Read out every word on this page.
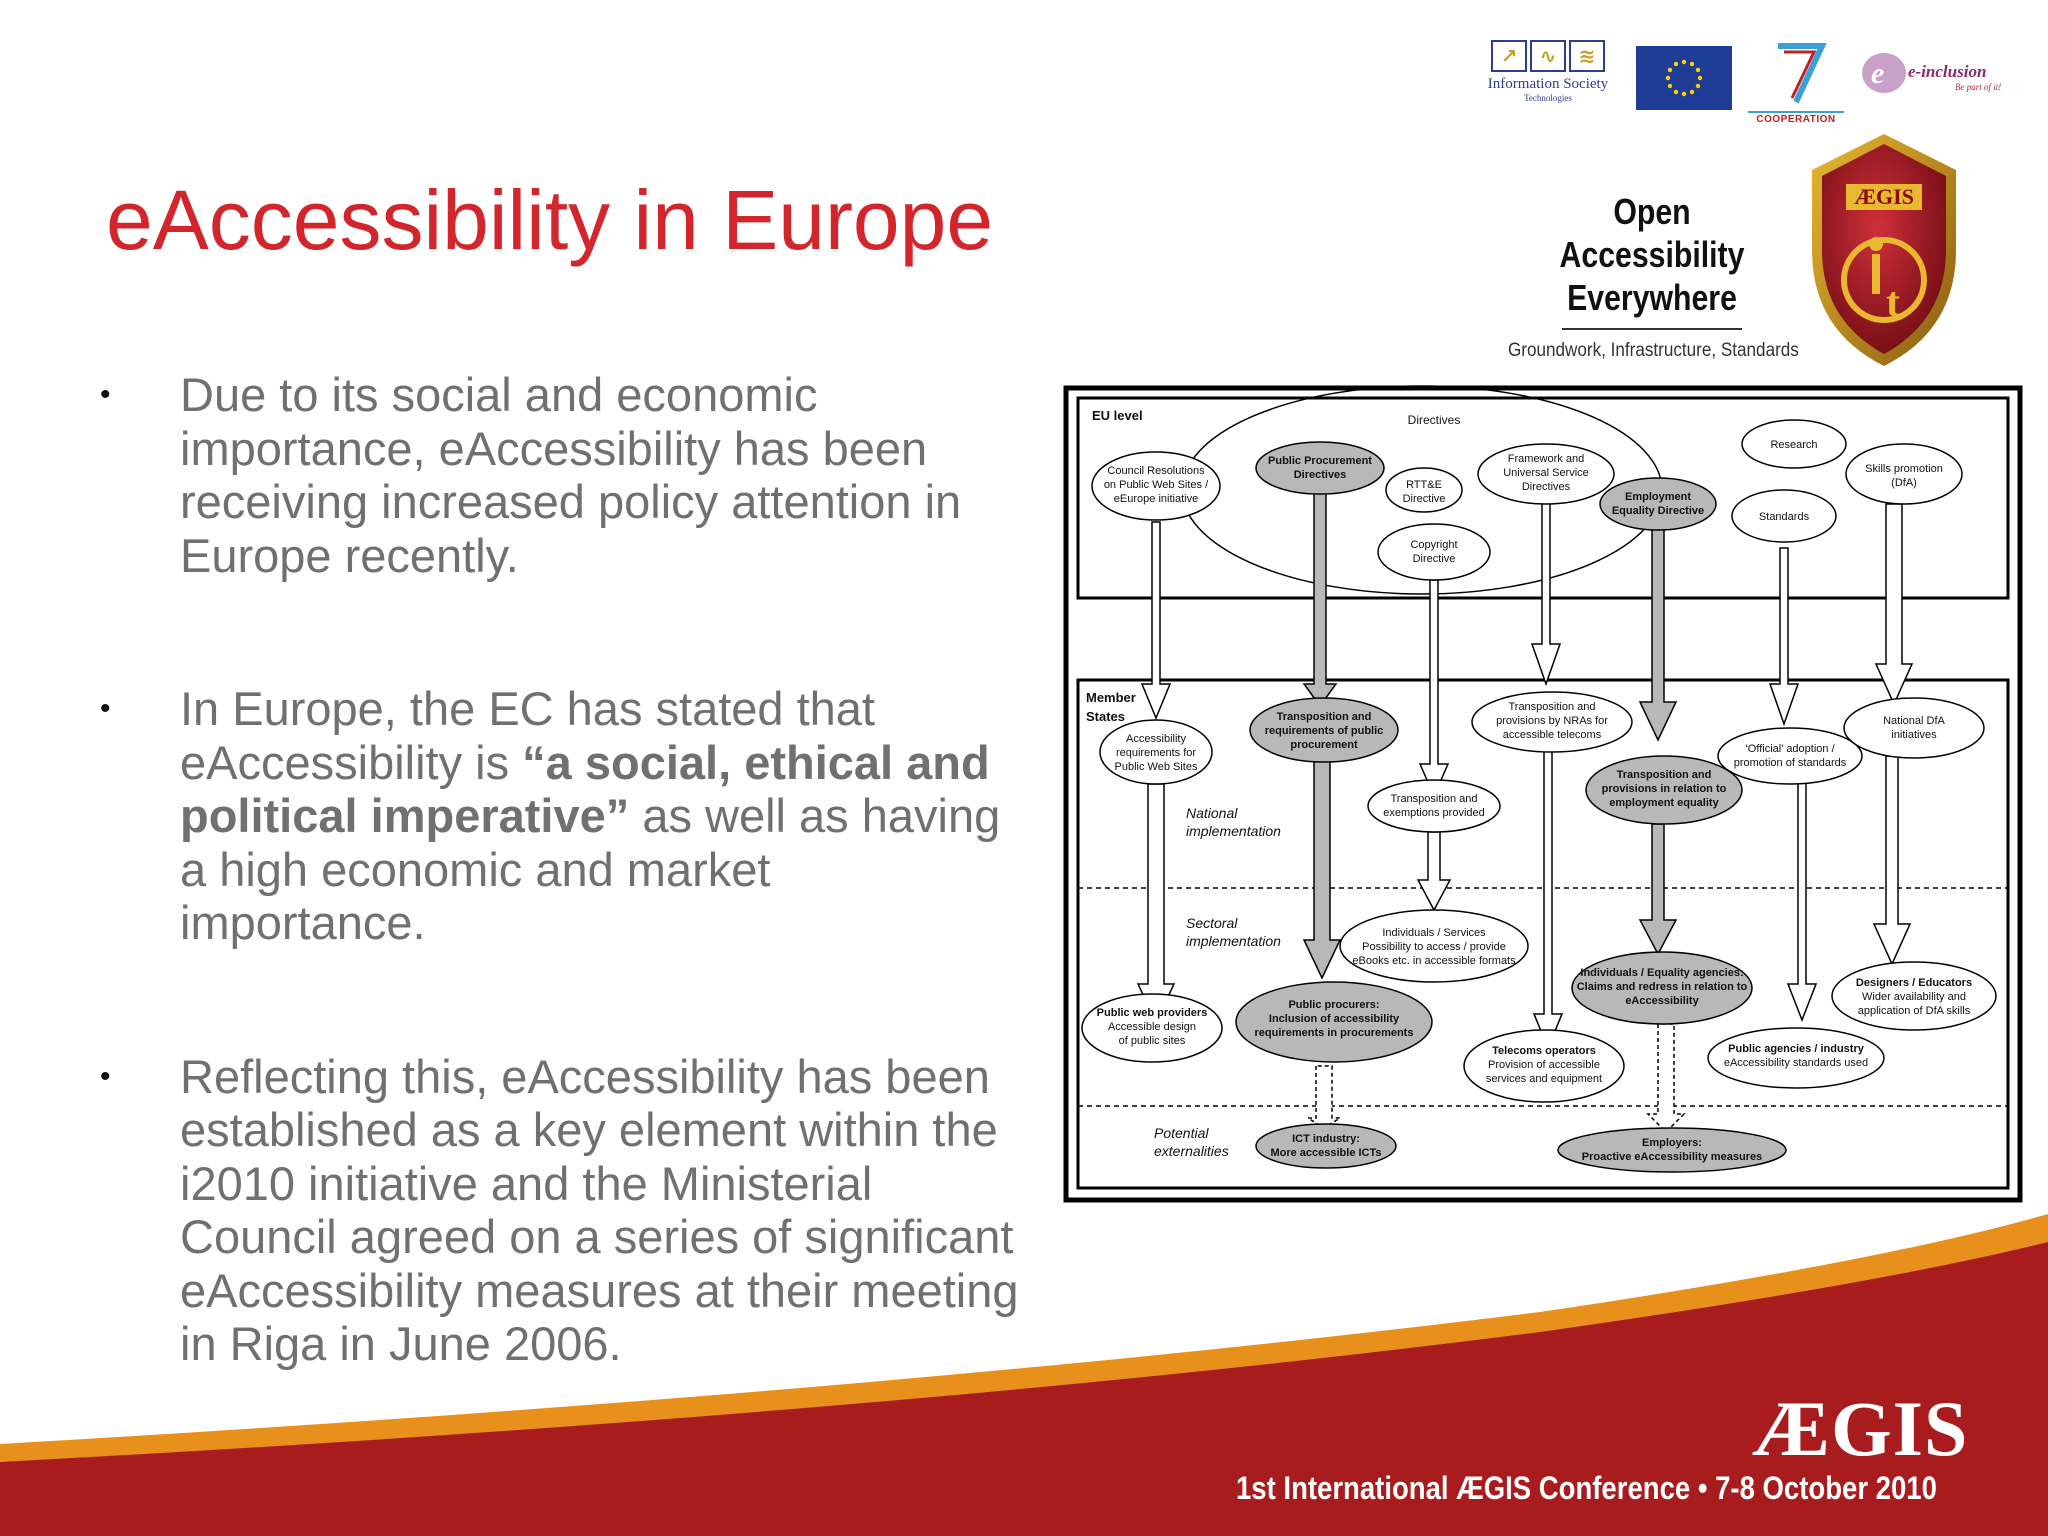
↗	∿	≋
Information Society
Technologies
COOPERATION
e e-inclusion
Be part of it!
eAccessibility in Europe	Open Accessibility
Everywhere
Groundwork, Infrastructure, Standards
ÆGIS
t
• Due to its social and economic importance, eAccessibility has been receiving increased policy attention in Europe recently.
• In Europe, the EC has stated that eAccessibility is “a social, ethical and political imperative” as well as having a high economic and market importance.
• Reflecting this, eAccessibility has been established as a key element within the i2010 initiative and the Ministerial Council agreed on a series of significant eAccessibility measures at their meeting in Riga in June 2006.
EU level
Member
States
National
implementation
Sectoral
implementation
Potential
externalities
Directives
Council Resolutions
on Public Web Sites /
eEurope initiative
Public Procurement
Directives
RTT&E
Directive
Framework and
Universal Service
Directives
Copyright
Directive
Employment
Equality Directive
Research
Standards
Skills promotion
(DfA)
Accessibility
requirements for
Public Web Sites
Transposition and
requirements of public
procurement
Transposition and
provisions by NRAs for
accessible telecoms
Transposition and
exemptions provided
Transposition and
provisions in relation to
employment equality
‘Official’ adoption /
promotion of standards
National DfA
initiatives
Individuals / Services
Possibility to access / provide
eBooks etc. in accessible formats
Individuals / Equality agencies:
Claims and redress in relation to
eAccessibility
Designers / Educators
Wider availability and
application of DfA skills
Public web providers
Accessible design
of public sites
Public procurers:
Inclusion of accessibility
requirements in procurements
Telecoms operators
Provision of accessible
services and equipment
Public agencies / industry
eAccessibility standards used
ICT industry:
More accessible ICTs
Employers:
Proactive eAccessibility measures
ÆGIS
1st International ÆGIS Conference • 7-8 October 2010
